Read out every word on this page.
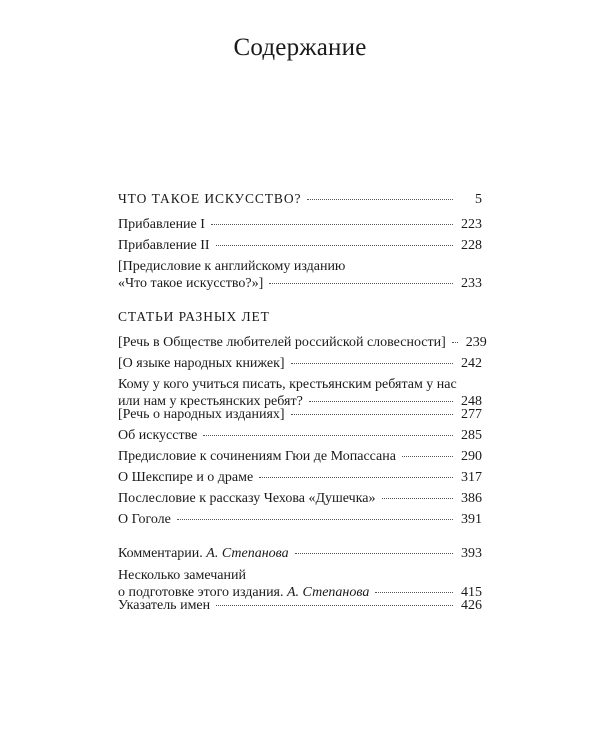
Содержание
ЧТО ТАКОЕ ИСКУССТВО?	5
Прибавление I	223
Прибавление II	228
[Предисловие к английскому изданию
«Что такое искусство?»]	233
СТАТЬИ РАЗНЫХ ЛЕТ
[Речь в Обществе любителей российской словесности] 239
[О языке народных книжек]	242
Кому у кого учиться писать, крестьянским ребятам у нас
или нам у крестьянских ребят?	248
[Речь о народных изданиях]	277
Об искусстве	285
Предисловие к сочинениям Гюи де Мопассана	290
О Шекспире и о драме	317
Послесловие к рассказу Чехова «Душечка»	386
О Гоголе	391
Комментарии. А. Степанова	393
Несколько замечаний
о подготовке этого издания. А. Степанова	415
Указатель имен	426
